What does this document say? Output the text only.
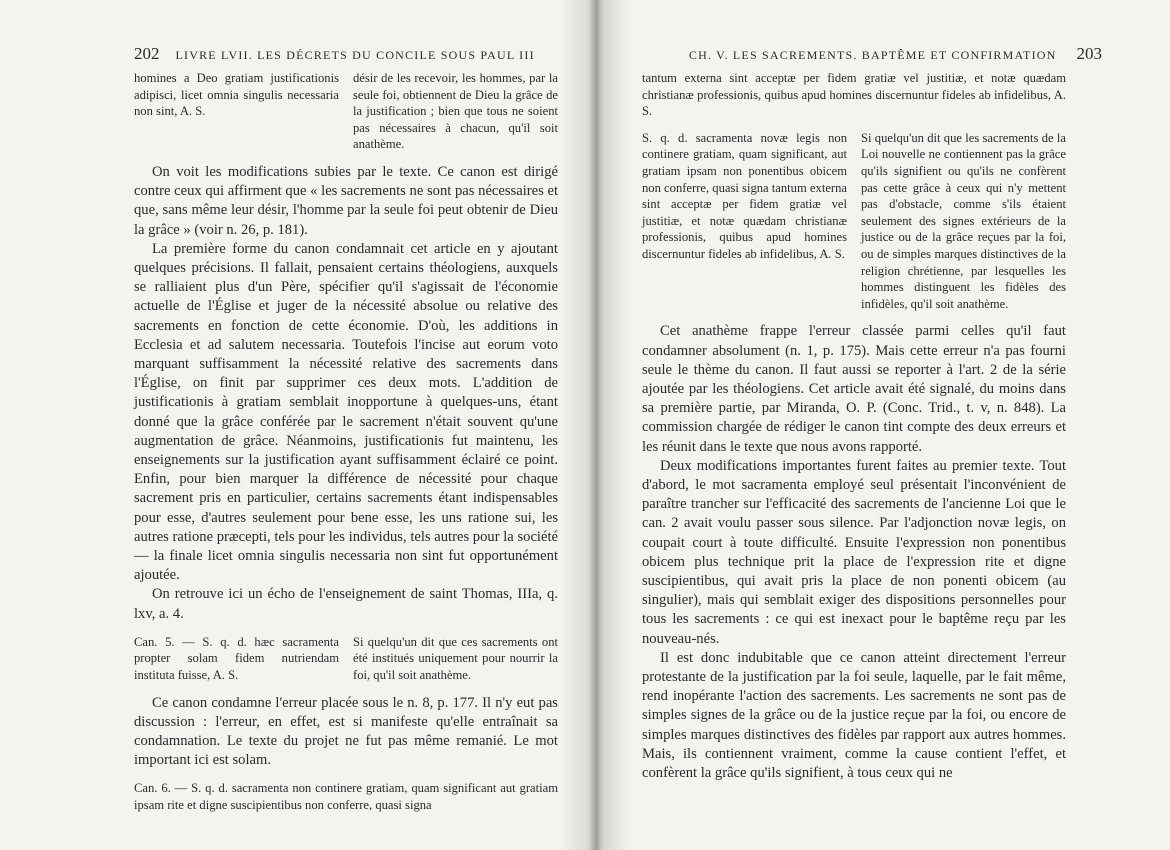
202 LIVRE LVII. LES DÉCRETS DU CONCILE SOUS PAUL III
homines a Deo gratiam justificationis adipisci, licet omnia singulis necessaria non sint, A. S.
désir de les recevoir, les hommes, par la seule foi, obtiennent de Dieu la grâce de la justification ; bien que tous ne soient pas nécessaires à chacun, qu'il soit anathème.

On voit les modifications subies par le texte. Ce canon est dirigé contre ceux qui affirment que « les sacrements ne sont pas nécessaires et que, sans même leur désir, l'homme par la seule foi peut obtenir de Dieu la grâce » (voir n. 26, p. 181).

La première forme du canon condamnait cet article en y ajoutant quelques précisions. Il fallait, pensaient certains théologiens, auxquels se ralliaient plus d'un Père, spécifier qu'il s'agissait de l'économie actuelle de l'Église et juger de la nécessité absolue ou relative des sacrements en fonction de cette économie. D'où, les additions in Ecclesia et ad salutem necessaria. Toutefois l'incise aut eorum voto marquant suffisamment la nécessité relative des sacrements dans l'Église, on finit par supprimer ces deux mots. L'addition de justificationis à gratiam semblait inopportune à quelques-uns, étant donné que la grâce conférée par le sacrement n'était souvent qu'une augmentation de grâce. Néanmoins, justificationis fut maintenu, les enseignements sur la justification ayant suffisamment éclairé ce point. Enfin, pour bien marquer la différence de nécessité pour chaque sacrement pris en particulier, certains sacrements étant indispensables pour esse, d'autres seulement pour bene esse, les uns ratione sui, les autres ratione præcepti, tels pour les individus, tels autres pour la société — la finale licet omnia singulis necessaria non sint fut opportunément ajoutée.

On retrouve ici un écho de l'enseignement de saint Thomas, IIIa, q. lxv, a. 4.

Can. 5. — S. q. d. hæc sacramenta propter solam fidem nutriendam instituta fuisse, A. S.
Si quelqu'un dit que ces sacrements ont été institués uniquement pour nourrir la foi, qu'il soit anathème.

Ce canon condamne l'erreur placée sous le n. 8, p. 177. Il n'y eut pas discussion : l'erreur, en effet, est si manifeste qu'elle entraînait sa condamnation. Le texte du projet ne fut pas même remanié. Le mot important ici est solam.

Can. 6. — S. q. d. sacramenta non continere gratiam, quam significant aut gratiam ipsam rite et digne suscipientibus non conferre, quasi signa
CH. V. LES SACREMENTS. BAPTÊME ET CONFIRMATION 203
tantum externa sint acceptæ per fidem gratiæ vel justitiæ, et notæ quædam christianæ professionis, quibus apud homines discernuntur fideles ab infidelibus, A. S.
S. q. d. sacramenta novæ legis non continere gratiam, quam significant, aut gratiam ipsam non ponentibus obicem non conferre, quasi signa tantum externa sint acceptæ per fidem gratiæ vel justitiæ, et notæ quædam christianæ professionis, quibus apud homines discernuntur fideles ab infidelibus, A. S.
Si quelqu'un dit que les sacrements de la Loi nouvelle ne contiennent pas la grâce qu'ils signifient ou qu'ils ne confèrent pas cette grâce à ceux qui n'y mettent pas d'obstacle, comme s'ils étaient seulement des signes extérieurs de la justice ou de la grâce reçues par la foi, ou de simples marques distinctives de la religion chrétienne, par lesquelles les hommes distinguent les fidèles des infidèles, qu'il soit anathème.

Cet anathème frappe l'erreur classée parmi celles qu'il faut condamner absolument (n. 1, p. 175). Mais cette erreur n'a pas fourni seule le thème du canon. Il faut aussi se reporter à l'art. 2 de la série ajoutée par les théologiens. Cet article avait été signalé, du moins dans sa première partie, par Miranda, O. P. (Conc. Trid., t. v, n. 848). La commission chargée de rédiger le canon tint compte des deux erreurs et les réunit dans le texte que nous avons rapporté.

Deux modifications importantes furent faites au premier texte. Tout d'abord, le mot sacramenta employé seul présentait l'inconvénient de paraître trancher sur l'efficacité des sacrements de l'ancienne Loi que le can. 2 avait voulu passer sous silence. Par l'adjonction novæ legis, on coupait court à toute difficulté. Ensuite l'expression non ponentibus obicem plus technique prit la place de l'expression rite et digne suscipientibus, qui avait pris la place de non ponenti obicem (au singulier), mais qui semblait exiger des dispositions personnelles pour tous les sacrements : ce qui est inexact pour le baptême reçu par les nouveau-nés.

Il est donc indubitable que ce canon atteint directement l'erreur protestante de la justification par la foi seule, laquelle, par le fait même, rend inopérante l'action des sacrements. Les sacrements ne sont pas de simples signes de la grâce ou de la justice reçue par la foi, ou encore de simples marques distinctives des fidèles par rapport aux autres hommes. Mais, ils contiennent vraiment, comme la cause contient l'effet, et confèrent la grâce qu'ils signifient, à tous ceux qui ne
